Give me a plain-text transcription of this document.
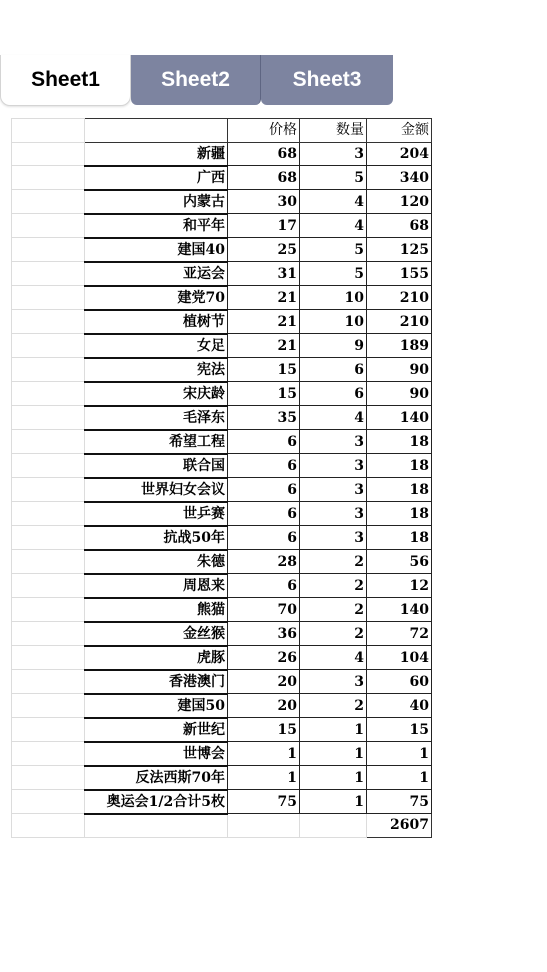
Sheet1	Sheet2	Sheet3
		价格	数量	金额
	新疆	68	3	204
	广西	68	5	340
	内蒙古	30	4	120
	和平年	17	4	68
	建国40	25	5	125
	亚运会	31	5	155
	建党70	21	10	210
	植树节	21	10	210
	女足	21	9	189
	宪法	15	6	90
	宋庆龄	15	6	90
	毛泽东	35	4	140
	希望工程	6	3	18
	联合国	6	3	18
	世界妇女会议	6	3	18
	世乒赛	6	3	18
	抗战50年	6	3	18
	朱德	28	2	56
	周恩来	6	2	12
	熊猫	70	2	140
	金丝猴	36	2	72
	虎豚	26	4	104
	香港澳门	20	3	60
	建国50	20	2	40
	新世纪	15	1	15
	世博会	1	1	1
	反法西斯70年	1	1	1
	奥运会1/2合计5枚	75	1	75
				2607
